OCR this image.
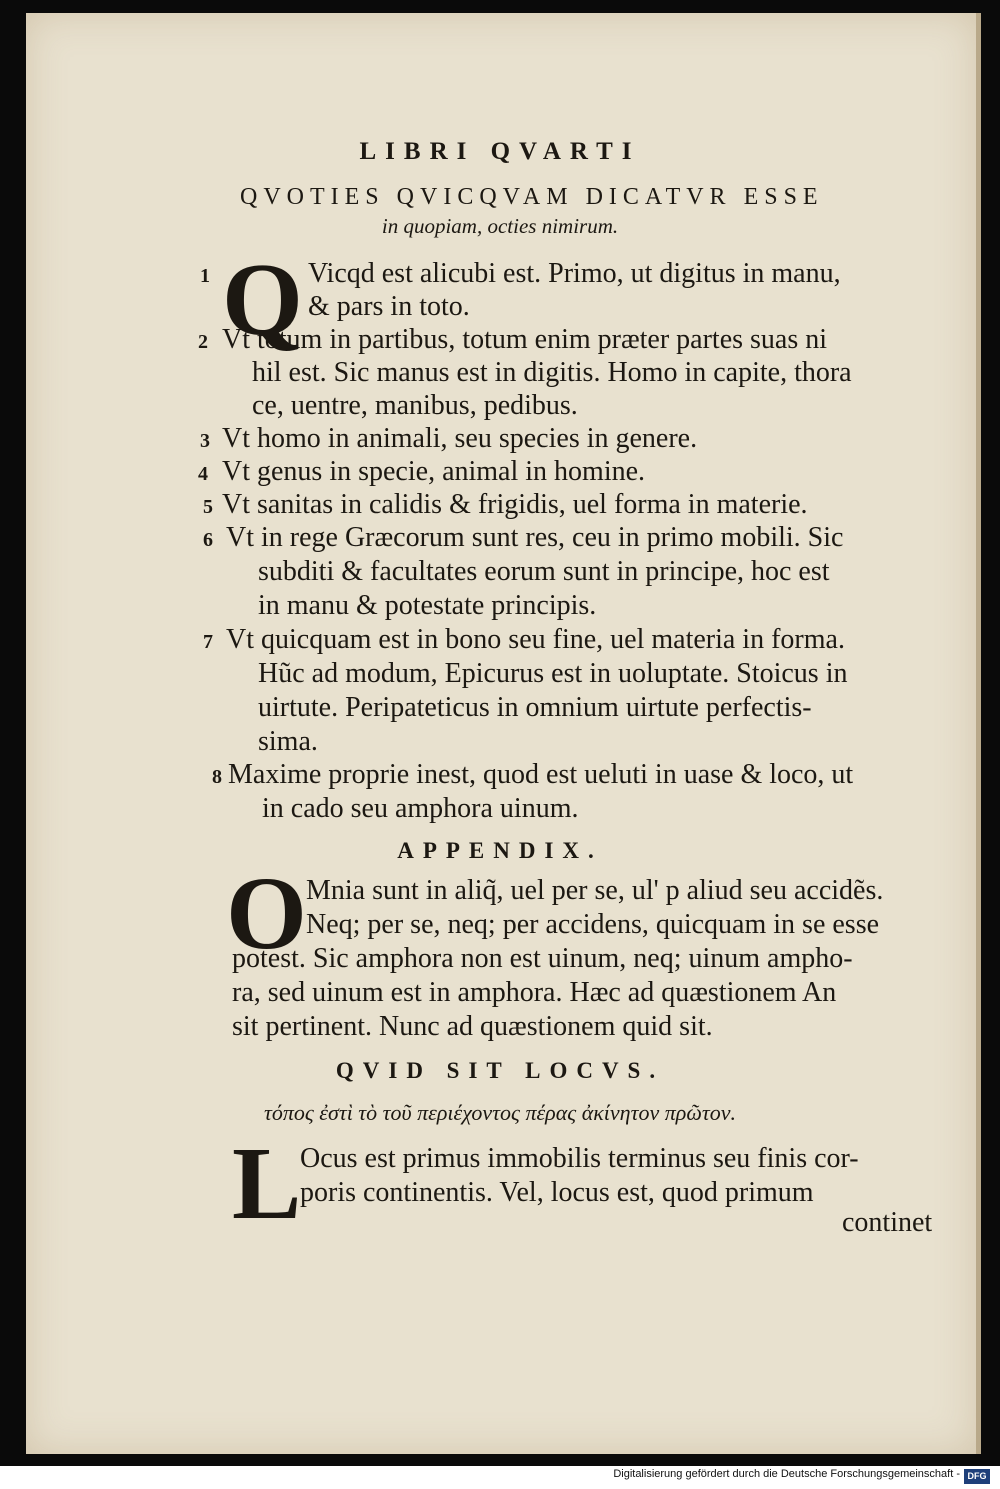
LIBRI QVARTI
QVOTIES QVICQVAM DICATVR ESSE
in quopiam, octies nimirum.
Q
1	Vicqd est alicubi est. Primo, ut digitus in manu,
& pars in toto.
2 Vt totum in partibus, totum enim præter partes suas ni
hil est. Sic manus est in digitis. Homo in capite, thora
ce, uentre, manibus, pedibus.
3 Vt homo in animali, seu species in genere.
4 Vt genus in specie, animal in homine.
5 Vt sanitas in calidis & frigidis, uel forma in materie.
6 Vt in rege Græcorum sunt res, ceu in primo mobili. Sic
subditi & facultates eorum sunt in principe, hoc est
in manu & potestate principis.
7 Vt quicquam est in bono seu fine, uel materia in forma.
Hũc ad modum, Epicurus est in uoluptate. Stoicus in
uirtute. Peripateticus in omnium uirtute perfectis-
sima.
8 Maxime proprie inest, quod est ueluti in uase & loco, ut
in cado seu amphora uinum.
APPENDIX.
O Mnia sunt in aliq̃, uel per se, ul' p aliud seu accidẽs.
Neq; per se, neq; per accidens, quicquam in se esse
potest. Sic amphora non est uinum, neq; uinum ampho-
ra, sed uinum est in amphora. Hæc ad quæstionem An
sit pertinent. Nunc ad quæstionem quid sit.
QVID SIT LOCVS.
τόπος ἐστὶ τὸ τοῦ περιέχοντος πέρας ἀκίνητον πρῶτον.
L
Ocus est primus immobilis terminus seu finis cor-
poris continentis. Vel, locus est, quod primum
continet
Digitalisierung gefördert durch die Deutsche Forschungsgemeinschaft - DFG
